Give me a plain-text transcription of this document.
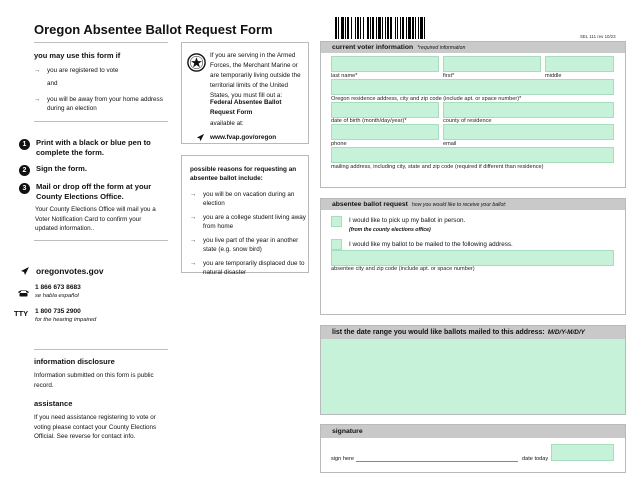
Oregon Absentee Ballot Request Form
you may use this form if
→ you are registered to vote
and
→ you will be away from your home address during an election
1	Print with a black or blue pen to complete the form.
2	Sign the form.
3	Mail or drop off the form at your County Elections Office.
Your County Elections Office will mail you a Voter Notification Card to confirm your updated information..
oregonvotes.gov
1 866 673 8683
se habla español
TTY 1 800 735 2900
for the hearing impaired
information disclosure
Information submitted on this form is public record.
assistance
If you need assistance registering to vote or voting please contact your County Elections Official. See reverse for contact info.
If you are serving in the Armed Forces, the Merchant Marine or are temporarily living outside the territorial limits of the United States, you must fill out a:
Federal Absentee Ballot Request Form
available at:
www.fvap.gov/oregon
possible reasons for requesting an absentee ballot include:
→ you will be on vacation during an election
→ you are a college student living away from home
→ you live part of the year in another state (e.g. snow bird)
→ you are temporarily displaced due to natural disaster
SEL 111 rev 10/23
current voter information *required information
last name*	first*	middle
Oregon residence address, city and zip code (include apt. or space number)*
date of birth (month/day/year)*	county of residence
phone	email
mailing address, including city, state and zip code (required if different than residence)
absentee ballot request how you would like to receive your ballot:
I would like to pick up my ballot in person.
(from the county elections office)
I would like my ballot to be mailed to the following address.
absentee city and zip code (include apt. or space number)
list the date range you would like ballots mailed to this address: M/D/Y-M/D/Y
signature
sign here	date today
